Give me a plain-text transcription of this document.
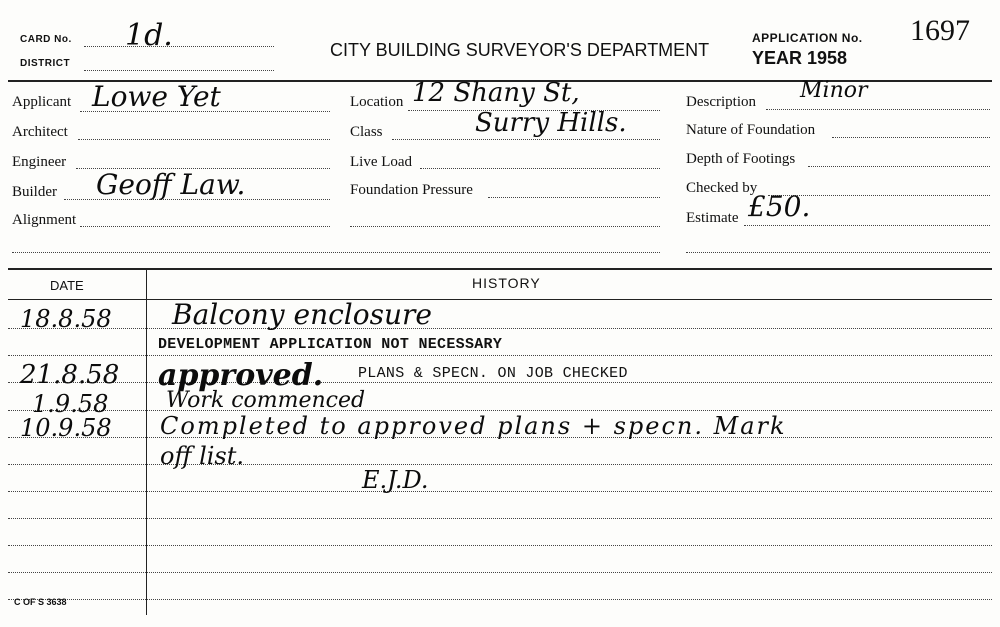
CARD No. 1d.
DISTRICT
CITY BUILDING SURVEYOR'S DEPARTMENT
APPLICATION No. 1697
YEAR 1958
Applicant Lowe Yet
Architect
Engineer
Builder Geoff Law.
Alignment
Location 12 Shany St,
Class	Surry Hills.
Live Load
Foundation Pressure
Description Minor
Nature of Foundation
Depth of Footings
Checked by
Estimate £50.
DATE	HISTORY
18.8.58 Balcony enclosure
DEVELOPMENT APPLICATION NOT NECESSARY
21.8.58 approved. PLANS & SPECN. ON JOB CHECKED
1.9.58	Work commenced
10.9.58 Completed to approved plans + specn. Mark
off list.
E.J.D.
C OF S 3638
